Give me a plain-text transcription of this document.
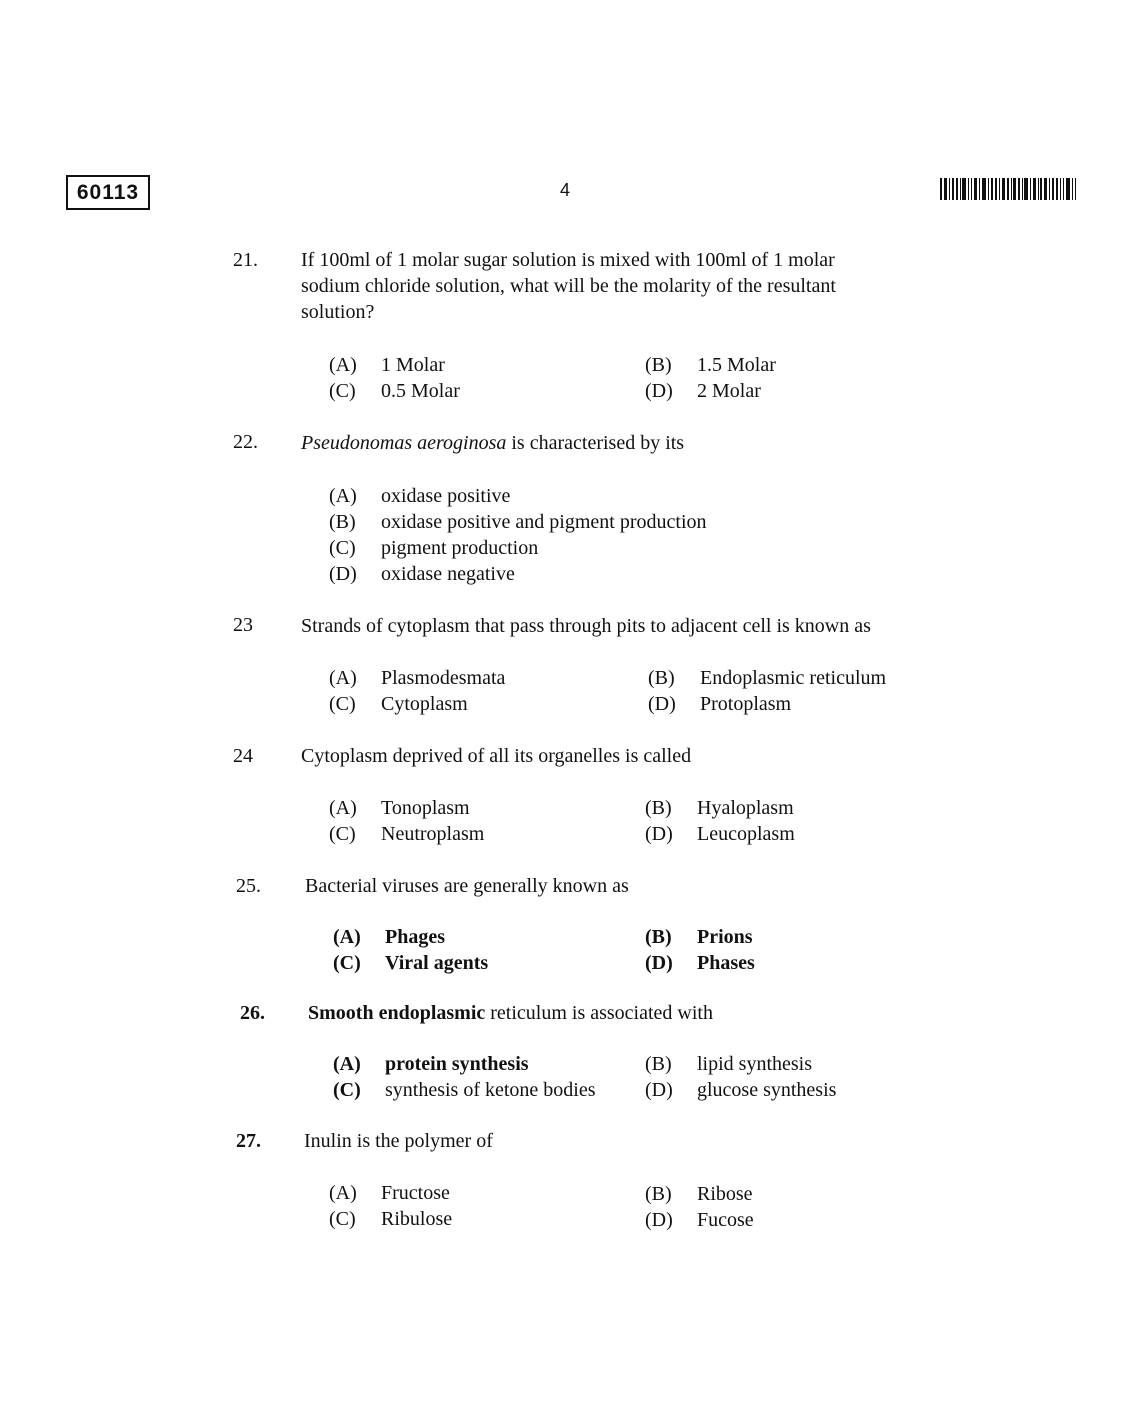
60113	4
21. If 100ml of 1 molar sugar solution is mixed with 100ml of 1 molar
sodium chloride solution, what will be the molarity of the resultant
solution?
(A) 1 Molar	(B) 1.5 Molar
(C) 0.5 Molar	(D) 2 Molar
22. Pseudonomas aeroginosa is characterised by its
(A) oxidase positive
(B) oxidase positive and pigment production
(C) pigment production
(D) oxidase negative
23 Strands of cytoplasm that pass through pits to adjacent cell is known as
(A) Plasmodesmata	(B) Endoplasmic reticulum
(C) Cytoplasm	(D) Protoplasm
24 Cytoplasm deprived of all its organelles is called
(A) Tonoplasm	(B) Hyaloplasm
(C) Neutroplasm	(D) Leucoplasm
25. Bacterial viruses are generally known as
(A) Phages	(B) Prions
(C) Viral agents	(D) Phases
26. Smooth endoplasmic reticulum is associated with
(A) protein synthesis	(B) lipid synthesis
(C) synthesis of ketone bodies (D) glucose synthesis
27. Inulin is the polymer of
(A) Fructose	(B) Ribose
(C) Ribulose	(D) Fucose
